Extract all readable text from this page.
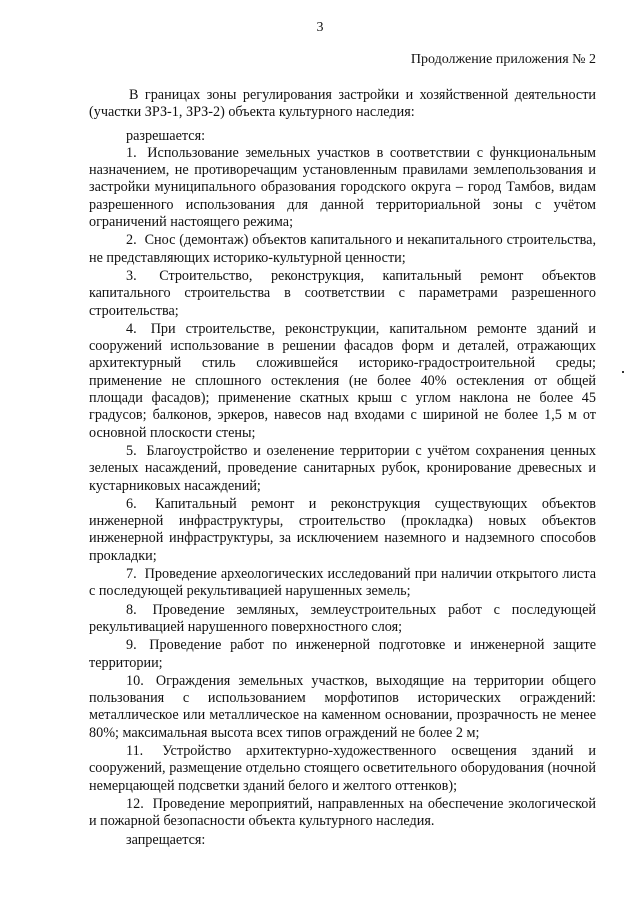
3
Продолжение приложения № 2

В границах зоны регулирования застройки и хозяйственной деятельности (участки ЗРЗ-1, ЗРЗ-2) объекта культурного наследия:

разрешается:

1. Использование земельных участков в соответствии с функциональным назначением, не противоречащим установленным правилами землепользования и застройки муниципального образования городского округа – город Тамбов, видам разрешенного использования для данной территориальной зоны с учётом ограничений настоящего режима;
2. Снос (демонтаж) объектов капитального и некапитального строительства, не представляющих историко-культурной ценности;
3. Строительство, реконструкция, капитальный ремонт объектов капитального строительства в соответствии с параметрами разрешенного строительства;
4. При строительстве, реконструкции, капитальном ремонте зданий и сооружений использование в решении фасадов форм и деталей, отражающих архитектурный стиль сложившейся историко-градостроительной среды; применение не сплошного остекления (не более 40% остекления от общей площади фасадов); применение скатных крыш с углом наклона не более 45 градусов; балконов, эркеров, навесов над входами с шириной не более 1,5 м от основной плоскости стены;
5. Благоустройство и озеленение территории с учётом сохранения ценных зеленых насаждений, проведение санитарных рубок, кронирование древесных и кустарниковых насаждений;
6. Капитальный ремонт и реконструкция существующих объектов инженерной инфраструктуры, строительство (прокладка) новых объектов инженерной инфраструктуры, за исключением наземного и надземного способов прокладки;
7. Проведение археологических исследований при наличии открытого листа с последующей рекультивацией нарушенных земель;
8. Проведение земляных, землеустроительных работ с последующей рекультивацией нарушенного поверхностного слоя;
9. Проведение работ по инженерной подготовке и инженерной защите территории;
10. Ограждения земельных участков, выходящие на территории общего пользования с использованием морфотипов исторических ограждений: металлическое или металлическое на каменном основании, прозрачность не менее 80%; максимальная высота всех типов ограждений не более 2 м;
11. Устройство архитектурно-художественного освещения зданий и сооружений, размещение отдельно стоящего осветительного оборудования (ночной немерцающей подсветки зданий белого и желтого оттенков);
12. Проведение мероприятий, направленных на обеспечение экологической и пожарной безопасности объекта культурного наследия.

запрещается:
